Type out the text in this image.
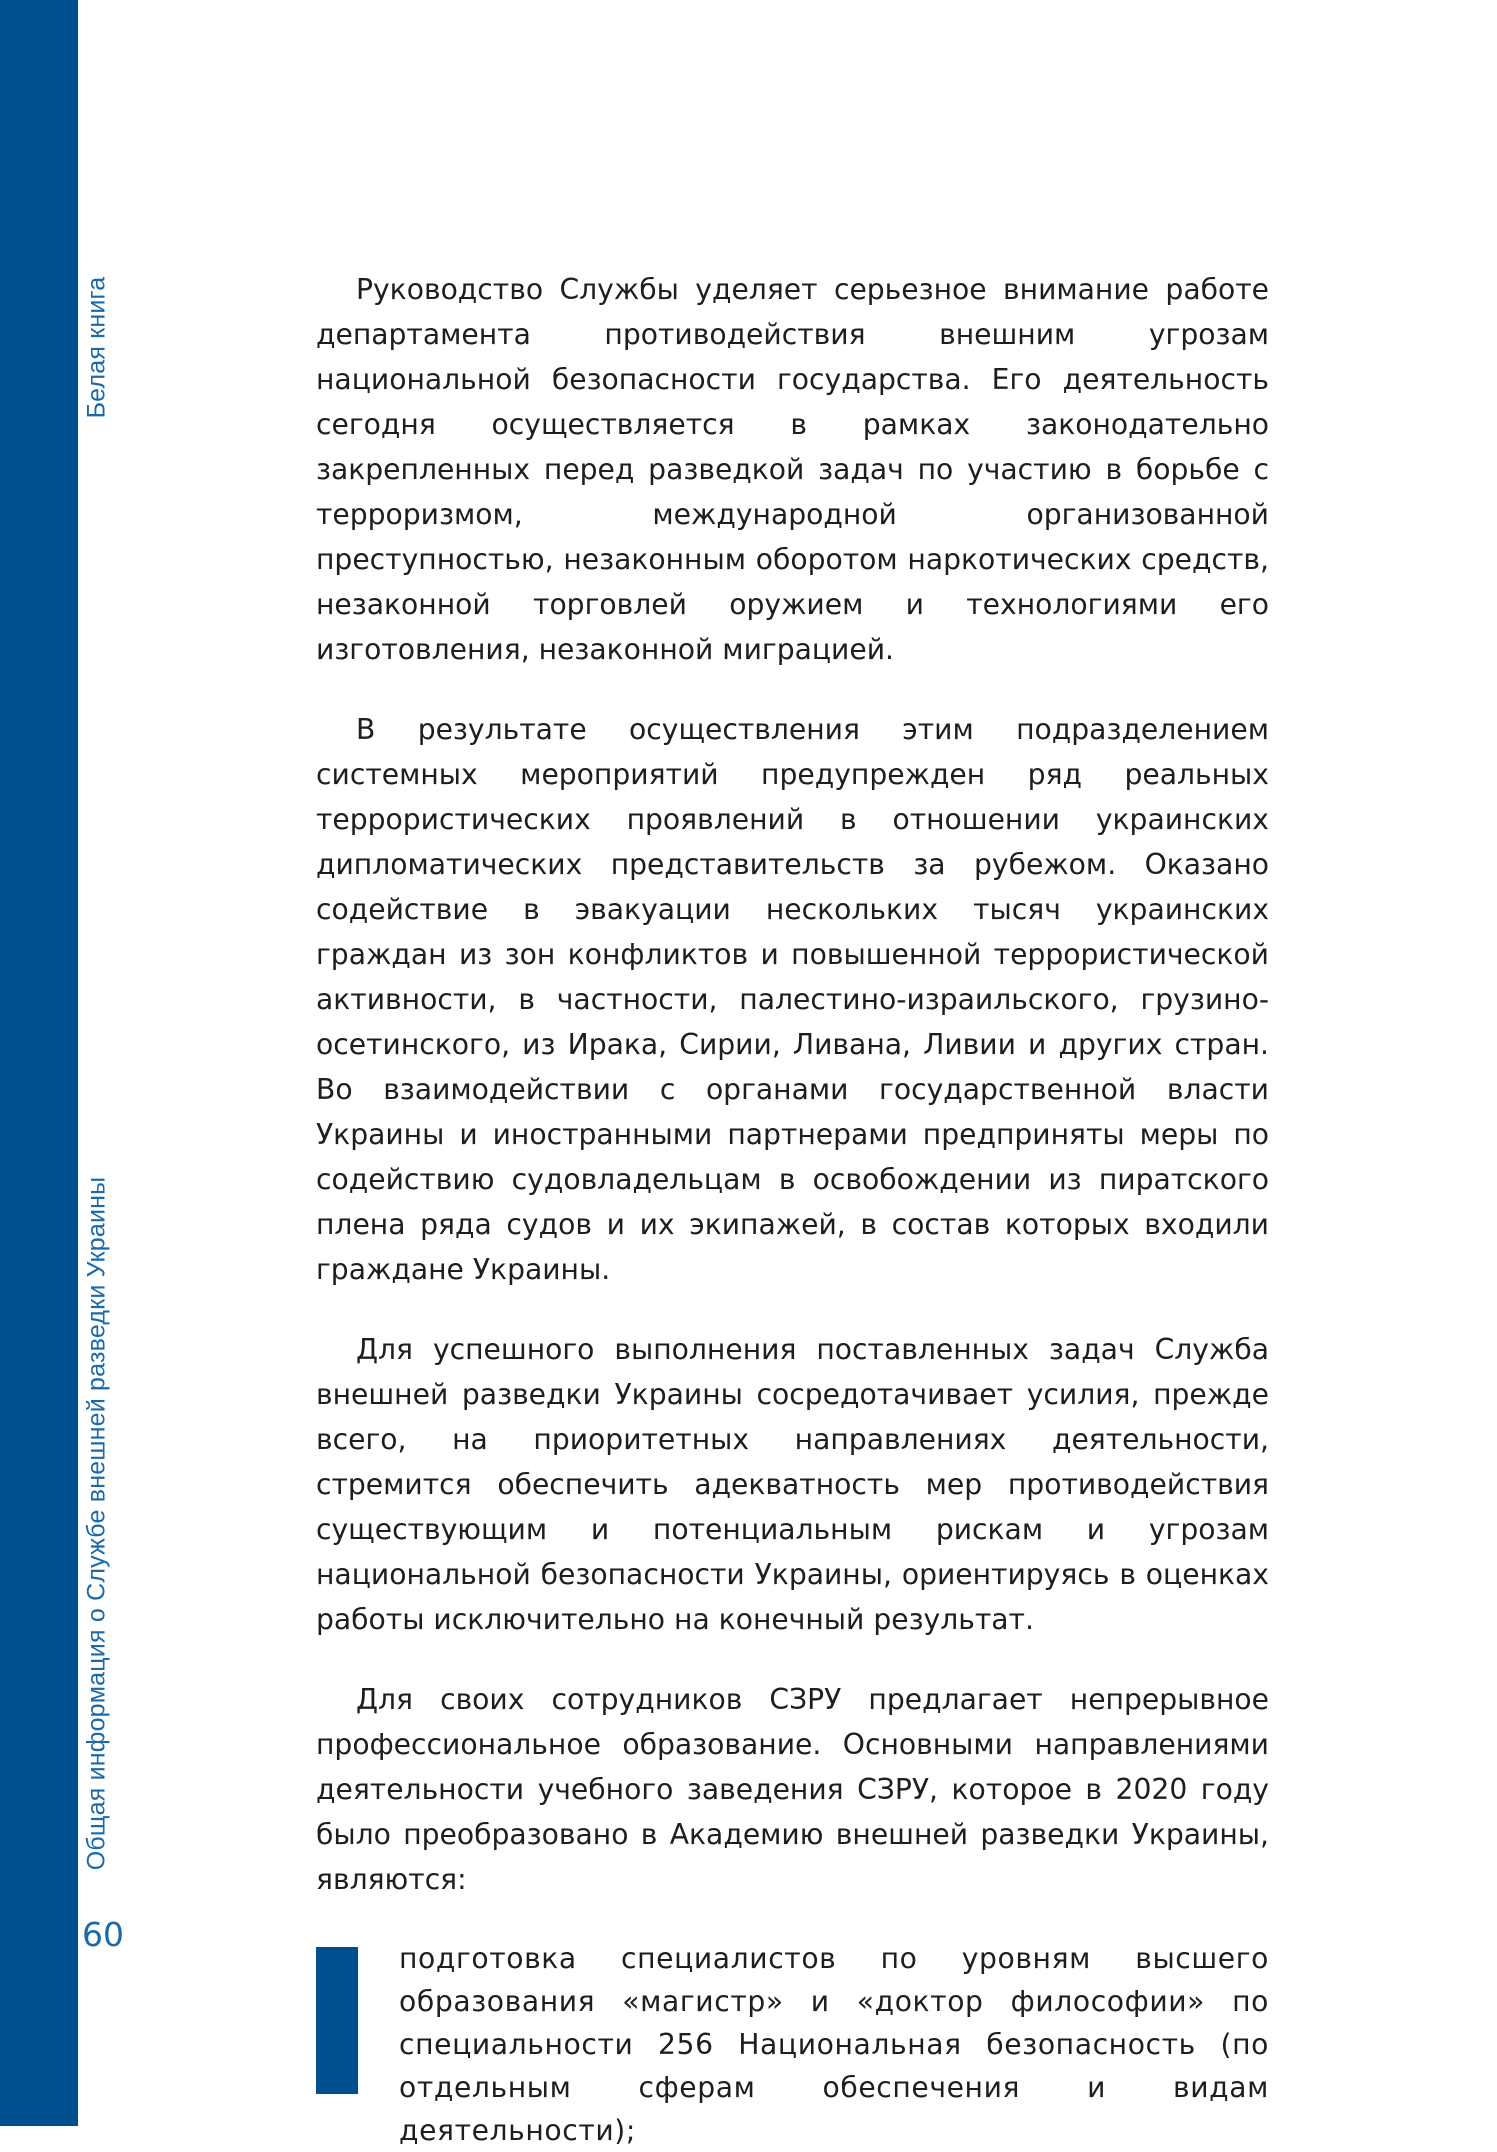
Белая книга
Общая информация о Службе внешней разведки Украины
60

Руководство Службы уделяет серьезное внимание работе департамента противодействия внешним угрозам национальной безопасности государства. Его деятельность сегодня осуществляется в рамках законодательно закрепленных перед разведкой задач по участию в борьбе с терроризмом, международной организованной преступностью, незаконным оборотом наркотических средств, незаконной торговлей оружием и технологиями его изготовления, незаконной миграцией.

В результате осуществления этим подразделением системных мероприятий предупрежден ряд реальных террористических проявлений в отношении украинских дипломатических представительств за рубежом. Оказано содействие в эвакуации нескольких тысяч украинских граждан из зон конфликтов и повышенной террористической активности, в частности, палестино-израильского, грузино-осетинского, из Ирака, Сирии, Ливана, Ливии и других стран. Во взаимодействии с органами государственной власти Украины и иностранными партнерами предприняты меры по содействию судовладельцам в освобождении из пиратского плена ряда судов и их экипажей, в состав которых входили граждане Украины.

Для успешного выполнения поставленных задач Служба внешней разведки Украины сосредотачивает усилия, прежде всего, на приоритетных направлениях деятельности, стремится обеспечить адекватность мер противодействия существующим и потенциальным рискам и угрозам национальной безопасности Украины, ориентируясь в оценках работы исключительно на конечный результат.

Для своих сотрудников СЗРУ предлагает непрерывное профессиональное образование. Основными направлениями деятельности учебного заведения СЗРУ, которое в 2020 году было преобразовано в Академию внешней разведки Украины, являются:

подготовка специалистов по уровням высшего образования «магистр» и «доктор философии» по специальности 256 Национальная безопасность (по отдельным сферам обеспечения и видам деятельности);
